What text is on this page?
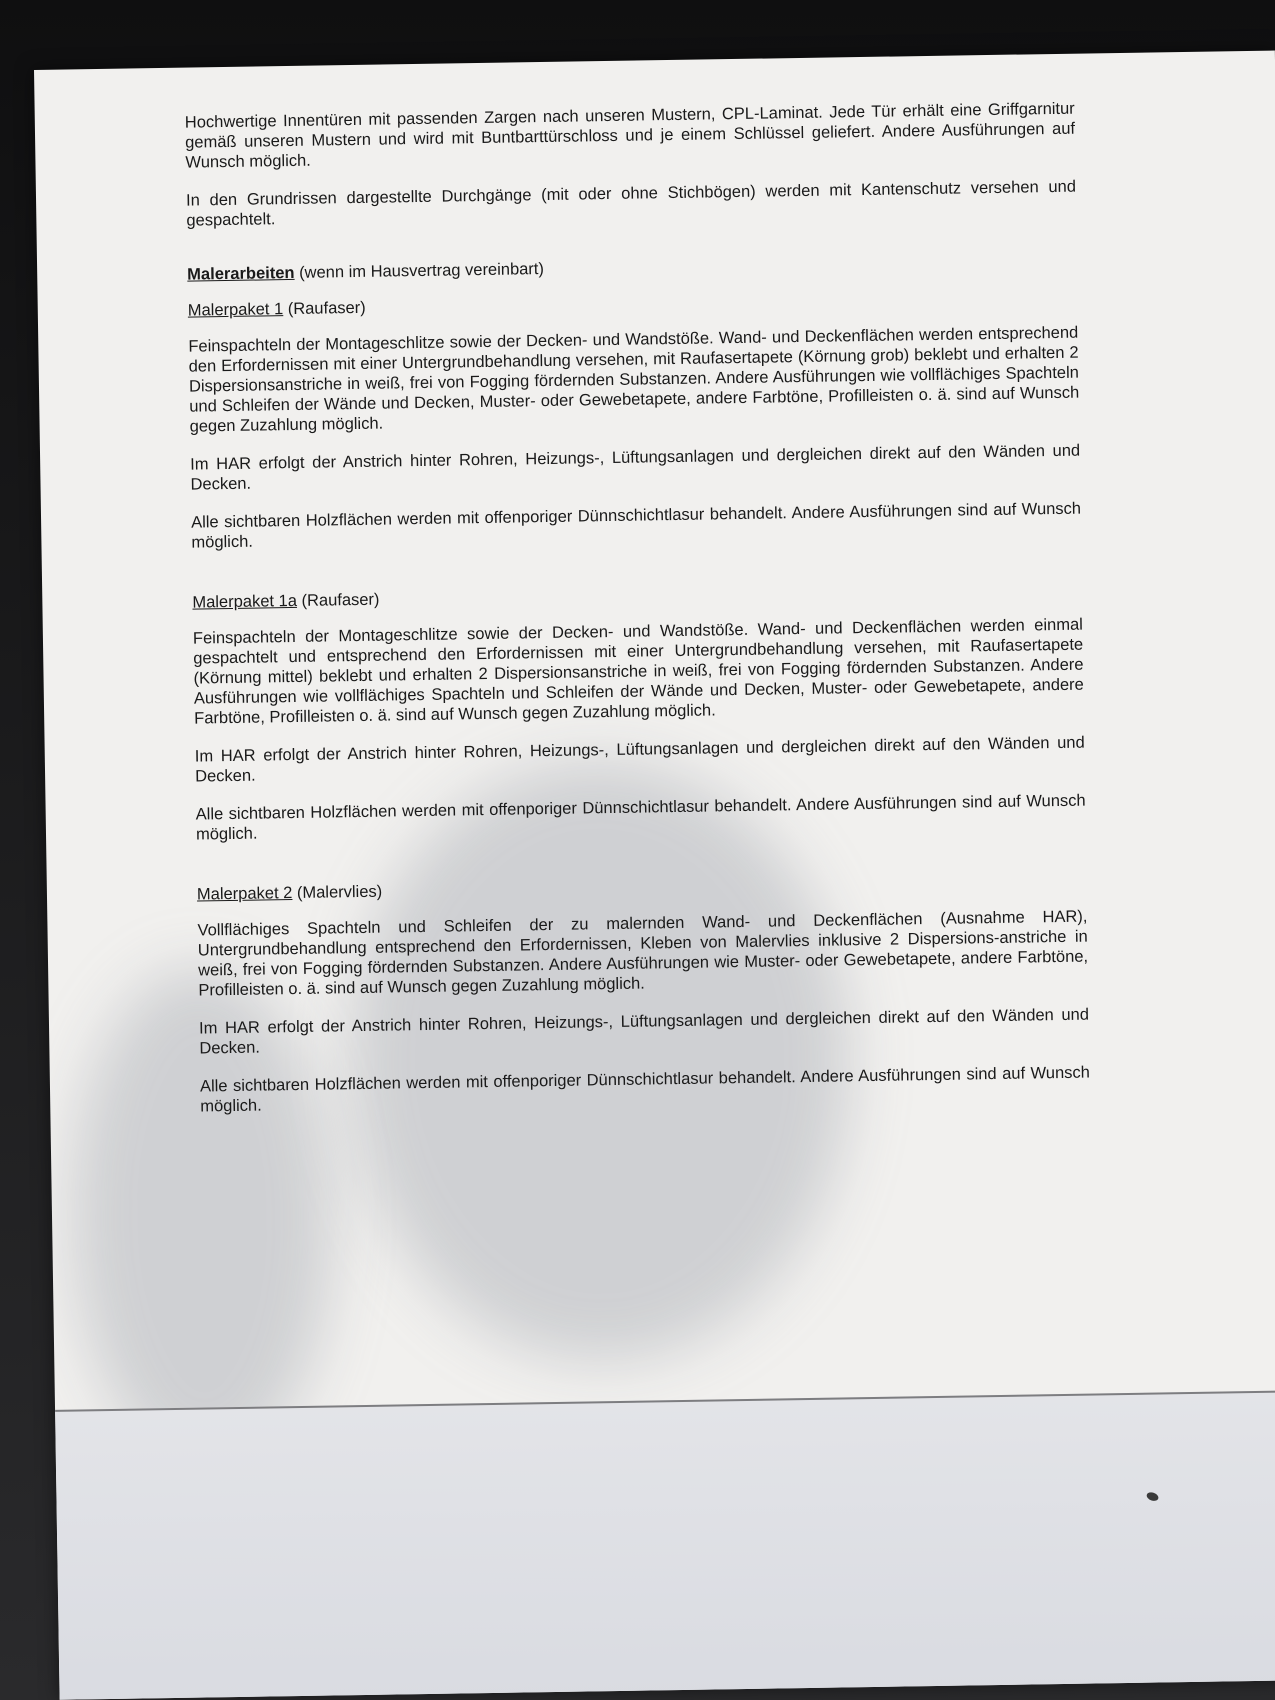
Hochwertige Innentüren mit passenden Zargen nach unseren Mustern, CPL-Laminat. Jede Tür erhält eine Griffgarnitur gemäß unseren Mustern und wird mit Buntbarttürschloss und je einem Schlüssel geliefert. Andere Ausführungen auf Wunsch möglich.

In den Grundrissen dargestellte Durchgänge (mit oder ohne Stichbögen) werden mit Kantenschutz versehen und gespachtelt.

Malerarbeiten (wenn im Hausvertrag vereinbart)
Malerpaket 1 (Raufaser)

Feinspachteln der Montageschlitze sowie der Decken- und Wandstöße. Wand- und Deckenflächen werden entsprechend den Erfordernissen mit einer Untergrundbehandlung versehen, mit Raufasertapete (Körnung grob) beklebt und erhalten 2 Dispersionsanstriche in weiß, frei von Fogging fördernden Substanzen. Andere Ausführungen wie vollflächiges Spachteln und Schleifen der Wände und Decken, Muster- oder Gewebetapete, andere Farbtöne, Profilleisten o. ä. sind auf Wunsch gegen Zuzahlung möglich.

Im HAR erfolgt der Anstrich hinter Rohren, Heizungs-, Lüftungsanlagen und dergleichen direkt auf den Wänden und Decken.

Alle sichtbaren Holzflächen werden mit offenporiger Dünnschichtlasur behandelt. Andere Ausführungen sind auf Wunsch möglich.

Malerpaket 1a (Raufaser)

Feinspachteln der Montageschlitze sowie der Decken- und Wandstöße. Wand- und Deckenflächen werden einmal gespachtelt und entsprechend den Erfordernissen mit einer Untergrundbehandlung versehen, mit Raufasertapete (Körnung mittel) beklebt und erhalten 2 Dispersionsanstriche in weiß, frei von Fogging fördernden Substanzen. Andere Ausführungen wie vollflächiges Spachteln und Schleifen der Wände und Decken, Muster- oder Gewebetapete, andere Farbtöne, Profilleisten o. ä. sind auf Wunsch gegen Zuzahlung möglich.

Im HAR erfolgt der Anstrich hinter Rohren, Heizungs-, Lüftungsanlagen und dergleichen direkt auf den Wänden und Decken.

Alle sichtbaren Holzflächen werden mit offenporiger Dünnschichtlasur behandelt. Andere Ausführungen sind auf Wunsch möglich.

Malerpaket 2 (Malervlies)

Vollflächiges Spachteln und Schleifen der zu malernden Wand- und Deckenflächen (Ausnahme HAR), Untergrundbehandlung entsprechend den Erfordernissen, Kleben von Malervlies inklusive 2 Dispersions-anstriche in weiß, frei von Fogging fördernden Substanzen. Andere Ausführungen wie Muster- oder Gewebetapete, andere Farbtöne, Profilleisten o. ä. sind auf Wunsch gegen Zuzahlung möglich.

Im HAR erfolgt der Anstrich hinter Rohren, Heizungs-, Lüftungsanlagen und dergleichen direkt auf den Wänden und Decken.

Alle sichtbaren Holzflächen werden mit offenporiger Dünnschichtlasur behandelt. Andere Ausführungen sind auf Wunsch möglich.
